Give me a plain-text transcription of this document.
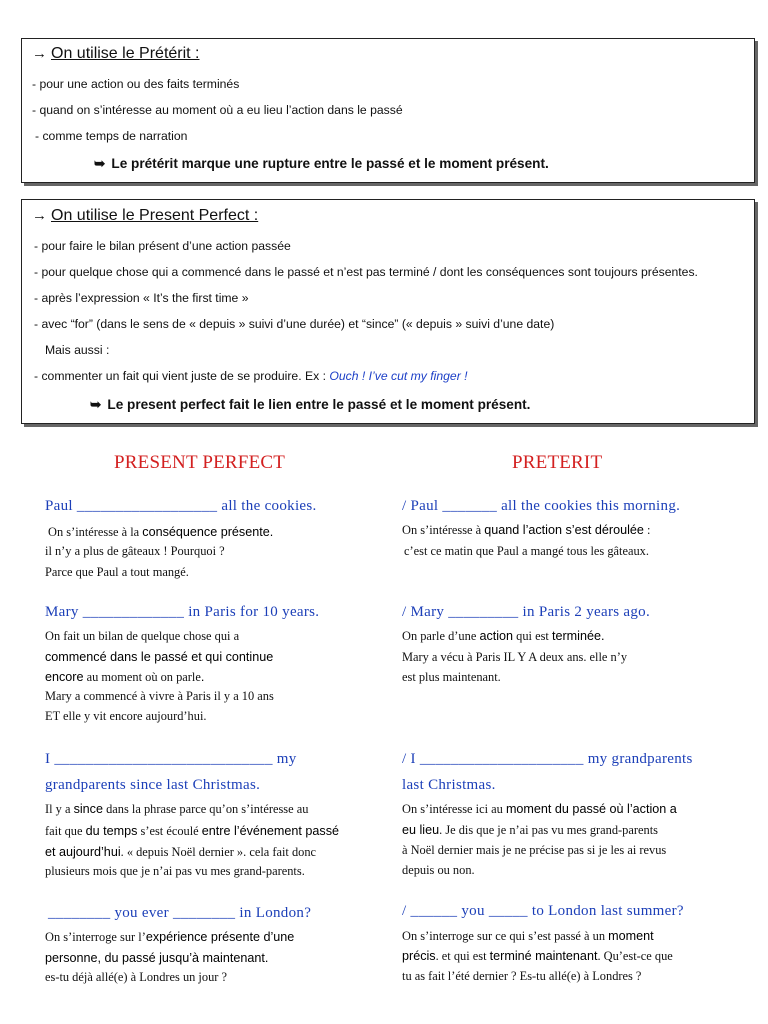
→ On utilise le Prétérit :
- pour une action ou des faits terminés
- quand on s’intéresse au moment où a eu lieu l’action dans le passé
- comme temps de narration
➥ Le prétérit marque une rupture entre le passé et le moment présent.
→ On utilise le Present Perfect :
- pour faire le bilan présent d’une action passée
- pour quelque chose qui a commencé dans le passé et n’est pas terminé / dont les conséquences sont toujours présentes.
- après l’expression « It’s the first time »
- avec “for” (dans le sens de « depuis » suivi d’une durée) et “since” (« depuis » suivi d’une date)
Mais aussi :
- commenter un fait qui vient juste de se produire. Ex : Ouch ! I’ve cut my finger !
➥ Le present perfect fait le lien entre le passé et le moment présent.
PRESENT PERFECT	PRETERIT
Paul __________________ all the cookies.
On s’intéresse à la conséquence présente.
il n’y a plus de gâteaux ! Pourquoi ?
Parce que Paul a tout mangé.
Mary _____________ in Paris for 10 years.
On fait un bilan de quelque chose qui a
commencé dans le passé et qui continue
encore au moment où on parle.
Mary a commencé à vivre à Paris il y a 10 ans
ET elle y vit encore aujourd’hui.
I ____________________________ my
grandparents since last Christmas.
Il y a since dans la phrase parce qu’on s’intéresse au
fait que du temps s’est écoulé entre l’événement passé
et aujourd’hui. « depuis Noël dernier ». cela fait donc
plusieurs mois que je n’ai pas vu mes grand-parents.
________ you ever ________ in London?
On s’interroge sur l’expérience présente d’une
personne, du passé jusqu’à maintenant.
es-tu déjà allé(e) à Londres un jour ?
/ Paul _______ all the cookies this morning.
On s’intéresse à quand l’action s’est déroulée :
c’est ce matin que Paul a mangé tous les gâteaux.
/ Mary _________ in Paris 2 years ago.
On parle d’une action qui est terminée.
Mary a vécu à Paris IL Y A deux ans. elle n’y
est plus maintenant.
/ I _____________________ my grandparents
last Christmas.
On s’intéresse ici au moment du passé où l’action a
eu lieu. Je dis que je n’ai pas vu mes grand-parents
à Noël dernier mais je ne précise pas si je les ai revus
depuis ou non.
/ ______ you _____ to London last summer?
On s’interroge sur ce qui s’est passé à un moment
précis. et qui est terminé maintenant. Qu’est-ce que
tu as fait l’été dernier ? Es-tu allé(e) à Londres ?
